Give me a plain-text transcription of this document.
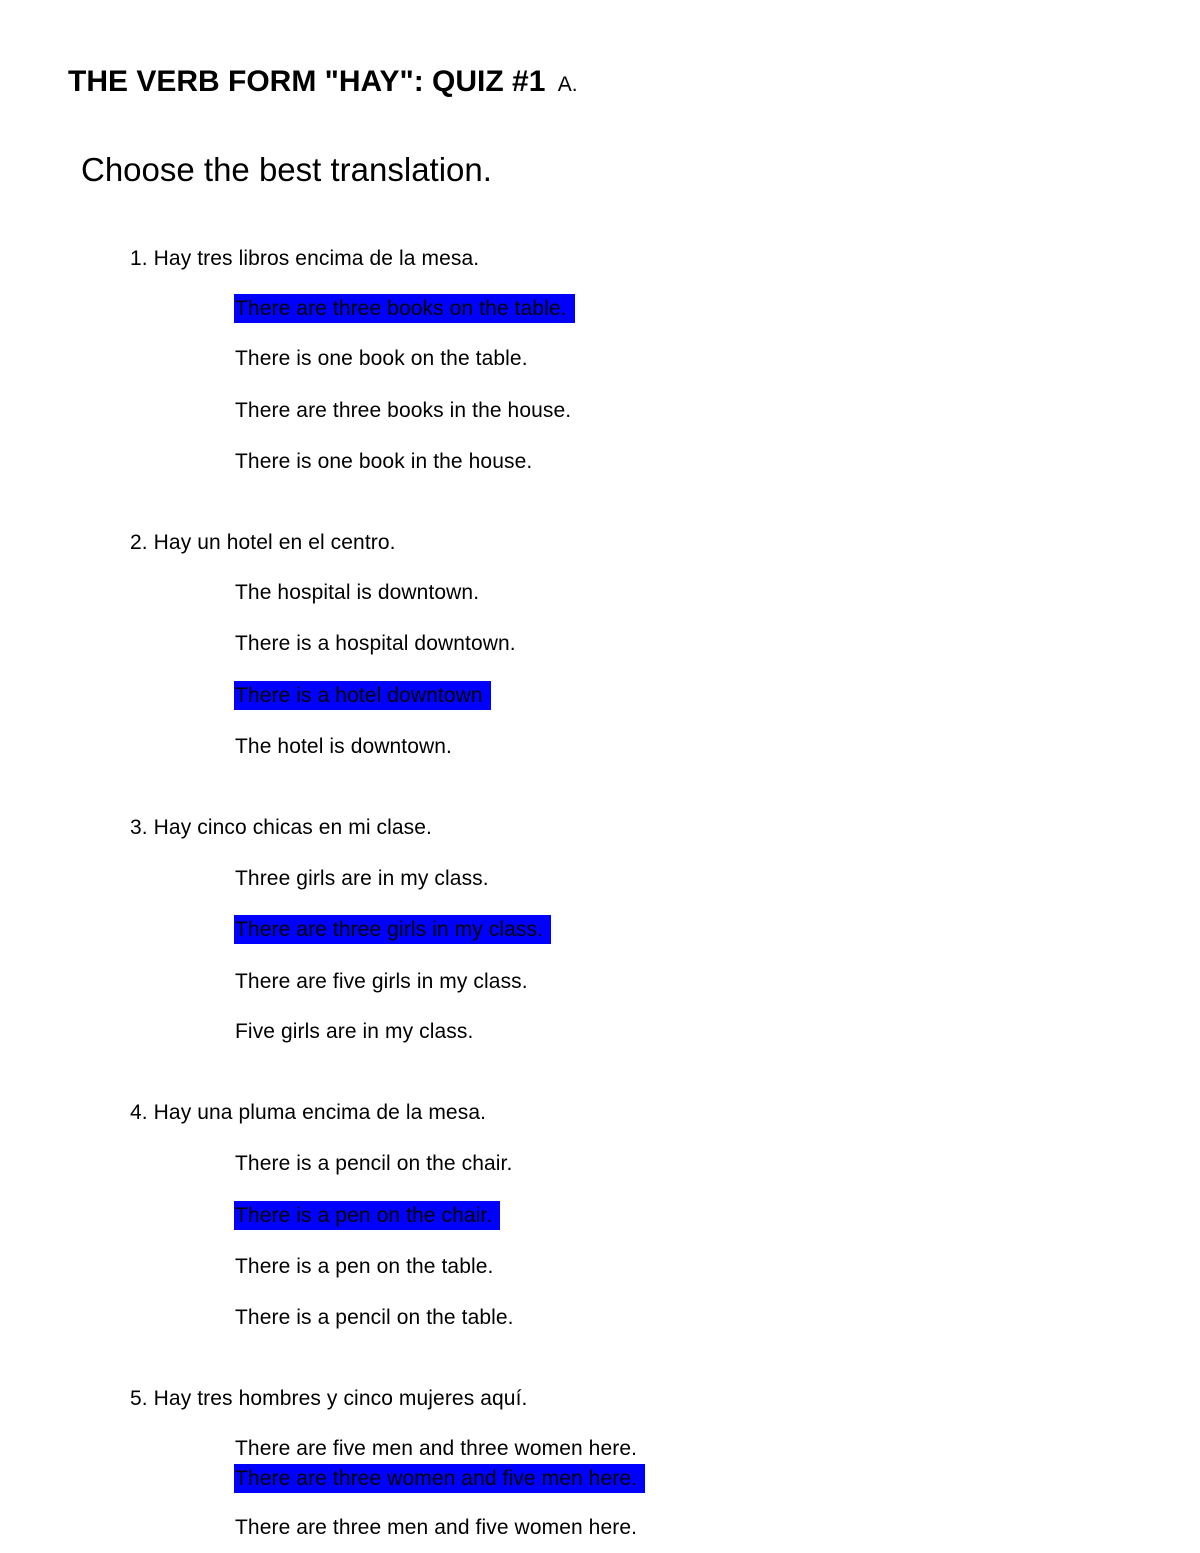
THE VERB FORM "HAY": QUIZ #1 A.
Choose the best translation.
1. Hay tres libros encima de la mesa.
There are three books on the table.
There is one book on the table.
There are three books in the house.
There is one book in the house.
2. Hay un hotel en el centro.
The hospital is downtown.
There is a hospital downtown.
There is a hotel downtown
The hotel is downtown.
3. Hay cinco chicas en mi clase.
Three girls are in my class.
There are three girls in my class.
There are five girls in my class.
Five girls are in my class.
4. Hay una pluma encima de la mesa.
There is a pencil on the chair.
There is a pen on the chair.
There is a pen on the table.
There is a pencil on the table.
5. Hay tres hombres y cinco mujeres aquí.
There are five men and three women here.
There are three women and five men here.
There are three men and five women here.
